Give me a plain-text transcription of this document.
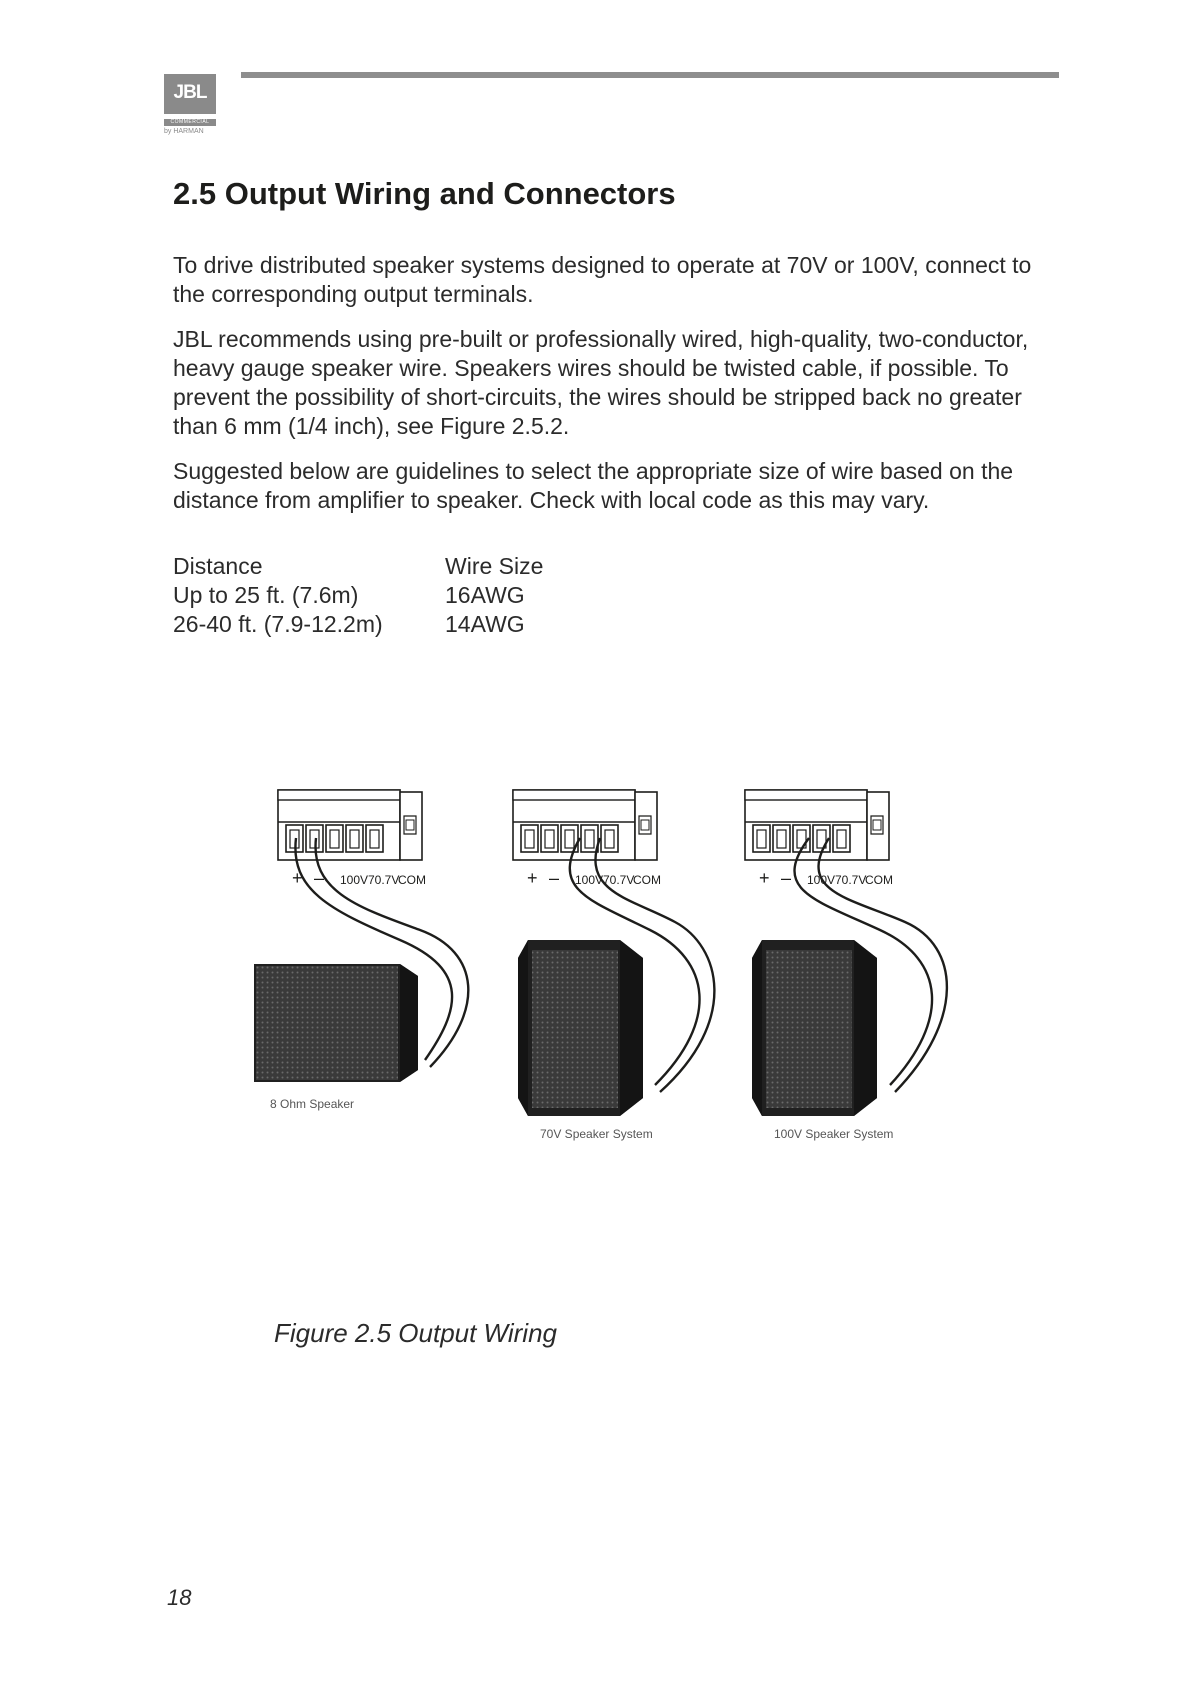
JBL
COMMERCIAL
by HARMAN
2.5 Output Wiring and Connectors

To drive distributed speaker systems designed to operate at 70V or 100V, connect to the corresponding output terminals.

JBL recommends using pre-built or professionally wired, high-quality, two-conductor, heavy gauge speaker wire. Speakers wires should be twisted cable, if possible. To prevent the possibility of short-circuits, the wires should be stripped back no greater than 6 mm (1/4 inch), see Figure 2.5.2.

Suggested below are guidelines to select the appropriate size of wire based on the distance from amplifier to speaker. Check with local code as this may vary.

Distance	Wire Size
Up to 25 ft. (7.6m)	16AWG
26-40 ft. (7.9-12.2m)	14AWG
+ – 100V 70.7V
COM
8 Ohm Speaker
+ – 100V 70.7V
COM
70V Speaker System
+ – 100V 70.7V
COM
100V Speaker System

Figure 2.5 Output Wiring

18
